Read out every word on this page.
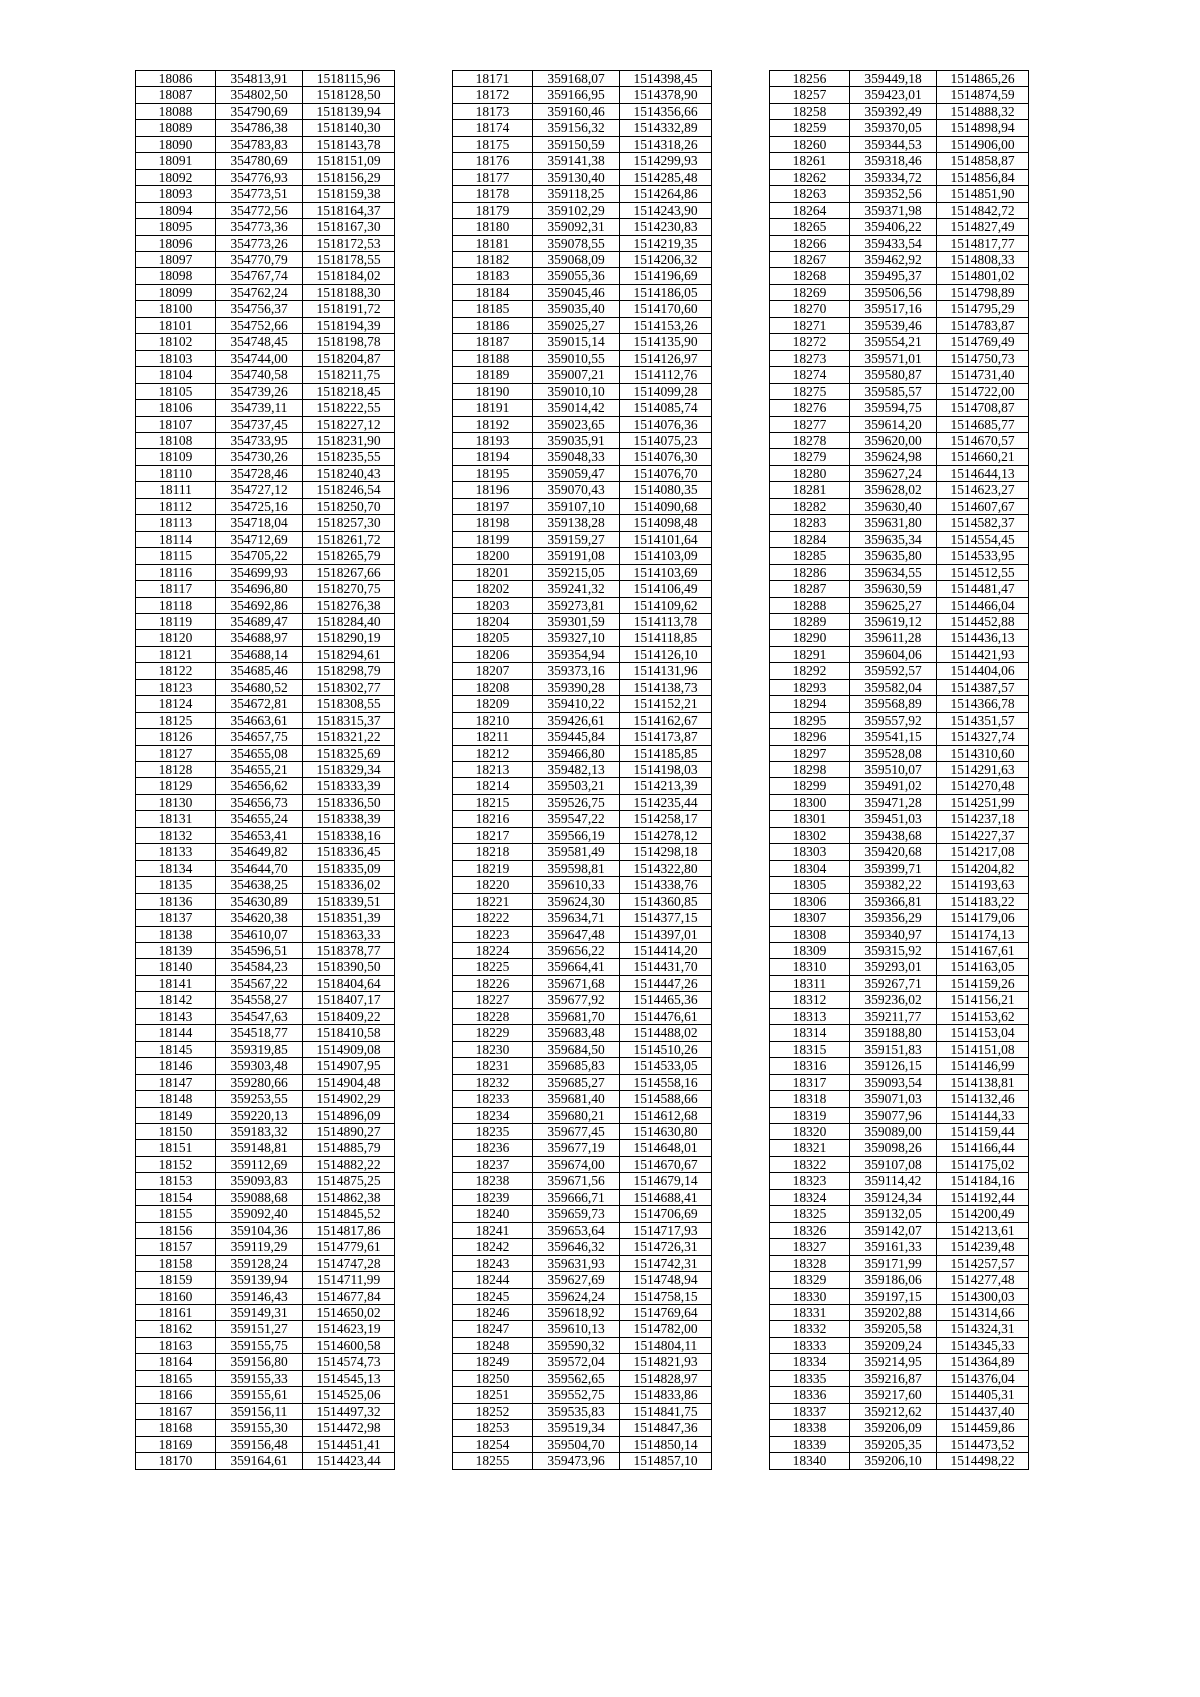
18086	354813,91	1518115,96
18087	354802,50	1518128,50
18088	354790,69	1518139,94
18089	354786,38	1518140,30
18090	354783,83	1518143,78
18091	354780,69	1518151,09
18092	354776,93	1518156,29
18093	354773,51	1518159,38
18094	354772,56	1518164,37
18095	354773,36	1518167,30
18096	354773,26	1518172,53
18097	354770,79	1518178,55
18098	354767,74	1518184,02
18099	354762,24	1518188,30
18100	354756,37	1518191,72
18101	354752,66	1518194,39
18102	354748,45	1518198,78
18103	354744,00	1518204,87
18104	354740,58	1518211,75
18105	354739,26	1518218,45
18106	354739,11	1518222,55
18107	354737,45	1518227,12
18108	354733,95	1518231,90
18109	354730,26	1518235,55
18110	354728,46	1518240,43
18111	354727,12	1518246,54
18112	354725,16	1518250,70
18113	354718,04	1518257,30
18114	354712,69	1518261,72
18115	354705,22	1518265,79
18116	354699,93	1518267,66
18117	354696,80	1518270,75
18118	354692,86	1518276,38
18119	354689,47	1518284,40
18120	354688,97	1518290,19
18121	354688,14	1518294,61
18122	354685,46	1518298,79
18123	354680,52	1518302,77
18124	354672,81	1518308,55
18125	354663,61	1518315,37
18126	354657,75	1518321,22
18127	354655,08	1518325,69
18128	354655,21	1518329,34
18129	354656,62	1518333,39
18130	354656,73	1518336,50
18131	354655,24	1518338,39
18132	354653,41	1518338,16
18133	354649,82	1518336,45
18134	354644,70	1518335,09
18135	354638,25	1518336,02
18136	354630,89	1518339,51
18137	354620,38	1518351,39
18138	354610,07	1518363,33
18139	354596,51	1518378,77
18140	354584,23	1518390,50
18141	354567,22	1518404,64
18142	354558,27	1518407,17
18143	354547,63	1518409,22
18144	354518,77	1518410,58
18145	359319,85	1514909,08
18146	359303,48	1514907,95
18147	359280,66	1514904,48
18148	359253,55	1514902,29
18149	359220,13	1514896,09
18150	359183,32	1514890,27
18151	359148,81	1514885,79
18152	359112,69	1514882,22
18153	359093,83	1514875,25
18154	359088,68	1514862,38
18155	359092,40	1514845,52
18156	359104,36	1514817,86
18157	359119,29	1514779,61
18158	359128,24	1514747,28
18159	359139,94	1514711,99
18160	359146,43	1514677,84
18161	359149,31	1514650,02
18162	359151,27	1514623,19
18163	359155,75	1514600,58
18164	359156,80	1514574,73
18165	359155,33	1514545,13
18166	359155,61	1514525,06
18167	359156,11	1514497,32
18168	359155,30	1514472,98
18169	359156,48	1514451,41
18170	359164,61	1514423,44
18171	359168,07	1514398,45
18172	359166,95	1514378,90
18173	359160,46	1514356,66
18174	359156,32	1514332,89
18175	359150,59	1514318,26
18176	359141,38	1514299,93
18177	359130,40	1514285,48
18178	359118,25	1514264,86
18179	359102,29	1514243,90
18180	359092,31	1514230,83
18181	359078,55	1514219,35
18182	359068,09	1514206,32
18183	359055,36	1514196,69
18184	359045,46	1514186,05
18185	359035,40	1514170,60
18186	359025,27	1514153,26
18187	359015,14	1514135,90
18188	359010,55	1514126,97
18189	359007,21	1514112,76
18190	359010,10	1514099,28
18191	359014,42	1514085,74
18192	359023,65	1514076,36
18193	359035,91	1514075,23
18194	359048,33	1514076,30
18195	359059,47	1514076,70
18196	359070,43	1514080,35
18197	359107,10	1514090,68
18198	359138,28	1514098,48
18199	359159,27	1514101,64
18200	359191,08	1514103,09
18201	359215,05	1514103,69
18202	359241,32	1514106,49
18203	359273,81	1514109,62
18204	359301,59	1514113,78
18205	359327,10	1514118,85
18206	359354,94	1514126,10
18207	359373,16	1514131,96
18208	359390,28	1514138,73
18209	359410,22	1514152,21
18210	359426,61	1514162,67
18211	359445,84	1514173,87
18212	359466,80	1514185,85
18213	359482,13	1514198,03
18214	359503,21	1514213,39
18215	359526,75	1514235,44
18216	359547,22	1514258,17
18217	359566,19	1514278,12
18218	359581,49	1514298,18
18219	359598,81	1514322,80
18220	359610,33	1514338,76
18221	359624,30	1514360,85
18222	359634,71	1514377,15
18223	359647,48	1514397,01
18224	359656,22	1514414,20
18225	359664,41	1514431,70
18226	359671,68	1514447,26
18227	359677,92	1514465,36
18228	359681,70	1514476,61
18229	359683,48	1514488,02
18230	359684,50	1514510,26
18231	359685,83	1514533,05
18232	359685,27	1514558,16
18233	359681,40	1514588,66
18234	359680,21	1514612,68
18235	359677,45	1514630,80
18236	359677,19	1514648,01
18237	359674,00	1514670,67
18238	359671,56	1514679,14
18239	359666,71	1514688,41
18240	359659,73	1514706,69
18241	359653,64	1514717,93
18242	359646,32	1514726,31
18243	359631,93	1514742,31
18244	359627,69	1514748,94
18245	359624,24	1514758,15
18246	359618,92	1514769,64
18247	359610,13	1514782,00
18248	359590,32	1514804,11
18249	359572,04	1514821,93
18250	359562,65	1514828,97
18251	359552,75	1514833,86
18252	359535,83	1514841,75
18253	359519,34	1514847,36
18254	359504,70	1514850,14
18255	359473,96	1514857,10
18256	359449,18	1514865,26
18257	359423,01	1514874,59
18258	359392,49	1514888,32
18259	359370,05	1514898,94
18260	359344,53	1514906,00
18261	359318,46	1514858,87
18262	359334,72	1514856,84
18263	359352,56	1514851,90
18264	359371,98	1514842,72
18265	359406,22	1514827,49
18266	359433,54	1514817,77
18267	359462,92	1514808,33
18268	359495,37	1514801,02
18269	359506,56	1514798,89
18270	359517,16	1514795,29
18271	359539,46	1514783,87
18272	359554,21	1514769,49
18273	359571,01	1514750,73
18274	359580,87	1514731,40
18275	359585,57	1514722,00
18276	359594,75	1514708,87
18277	359614,20	1514685,77
18278	359620,00	1514670,57
18279	359624,98	1514660,21
18280	359627,24	1514644,13
18281	359628,02	1514623,27
18282	359630,40	1514607,67
18283	359631,80	1514582,37
18284	359635,34	1514554,45
18285	359635,80	1514533,95
18286	359634,55	1514512,55
18287	359630,59	1514481,47
18288	359625,27	1514466,04
18289	359619,12	1514452,88
18290	359611,28	1514436,13
18291	359604,06	1514421,93
18292	359592,57	1514404,06
18293	359582,04	1514387,57
18294	359568,89	1514366,78
18295	359557,92	1514351,57
18296	359541,15	1514327,74
18297	359528,08	1514310,60
18298	359510,07	1514291,63
18299	359491,02	1514270,48
18300	359471,28	1514251,99
18301	359451,03	1514237,18
18302	359438,68	1514227,37
18303	359420,68	1514217,08
18304	359399,71	1514204,82
18305	359382,22	1514193,63
18306	359366,81	1514183,22
18307	359356,29	1514179,06
18308	359340,97	1514174,13
18309	359315,92	1514167,61
18310	359293,01	1514163,05
18311	359267,71	1514159,26
18312	359236,02	1514156,21
18313	359211,77	1514153,62
18314	359188,80	1514153,04
18315	359151,83	1514151,08
18316	359126,15	1514146,99
18317	359093,54	1514138,81
18318	359071,03	1514132,46
18319	359077,96	1514144,33
18320	359089,00	1514159,44
18321	359098,26	1514166,44
18322	359107,08	1514175,02
18323	359114,42	1514184,16
18324	359124,34	1514192,44
18325	359132,05	1514200,49
18326	359142,07	1514213,61
18327	359161,33	1514239,48
18328	359171,99	1514257,57
18329	359186,06	1514277,48
18330	359197,15	1514300,03
18331	359202,88	1514314,66
18332	359205,58	1514324,31
18333	359209,24	1514345,33
18334	359214,95	1514364,89
18335	359216,87	1514376,04
18336	359217,60	1514405,31
18337	359212,62	1514437,40
18338	359206,09	1514459,86
18339	359205,35	1514473,52
18340	359206,10	1514498,22
